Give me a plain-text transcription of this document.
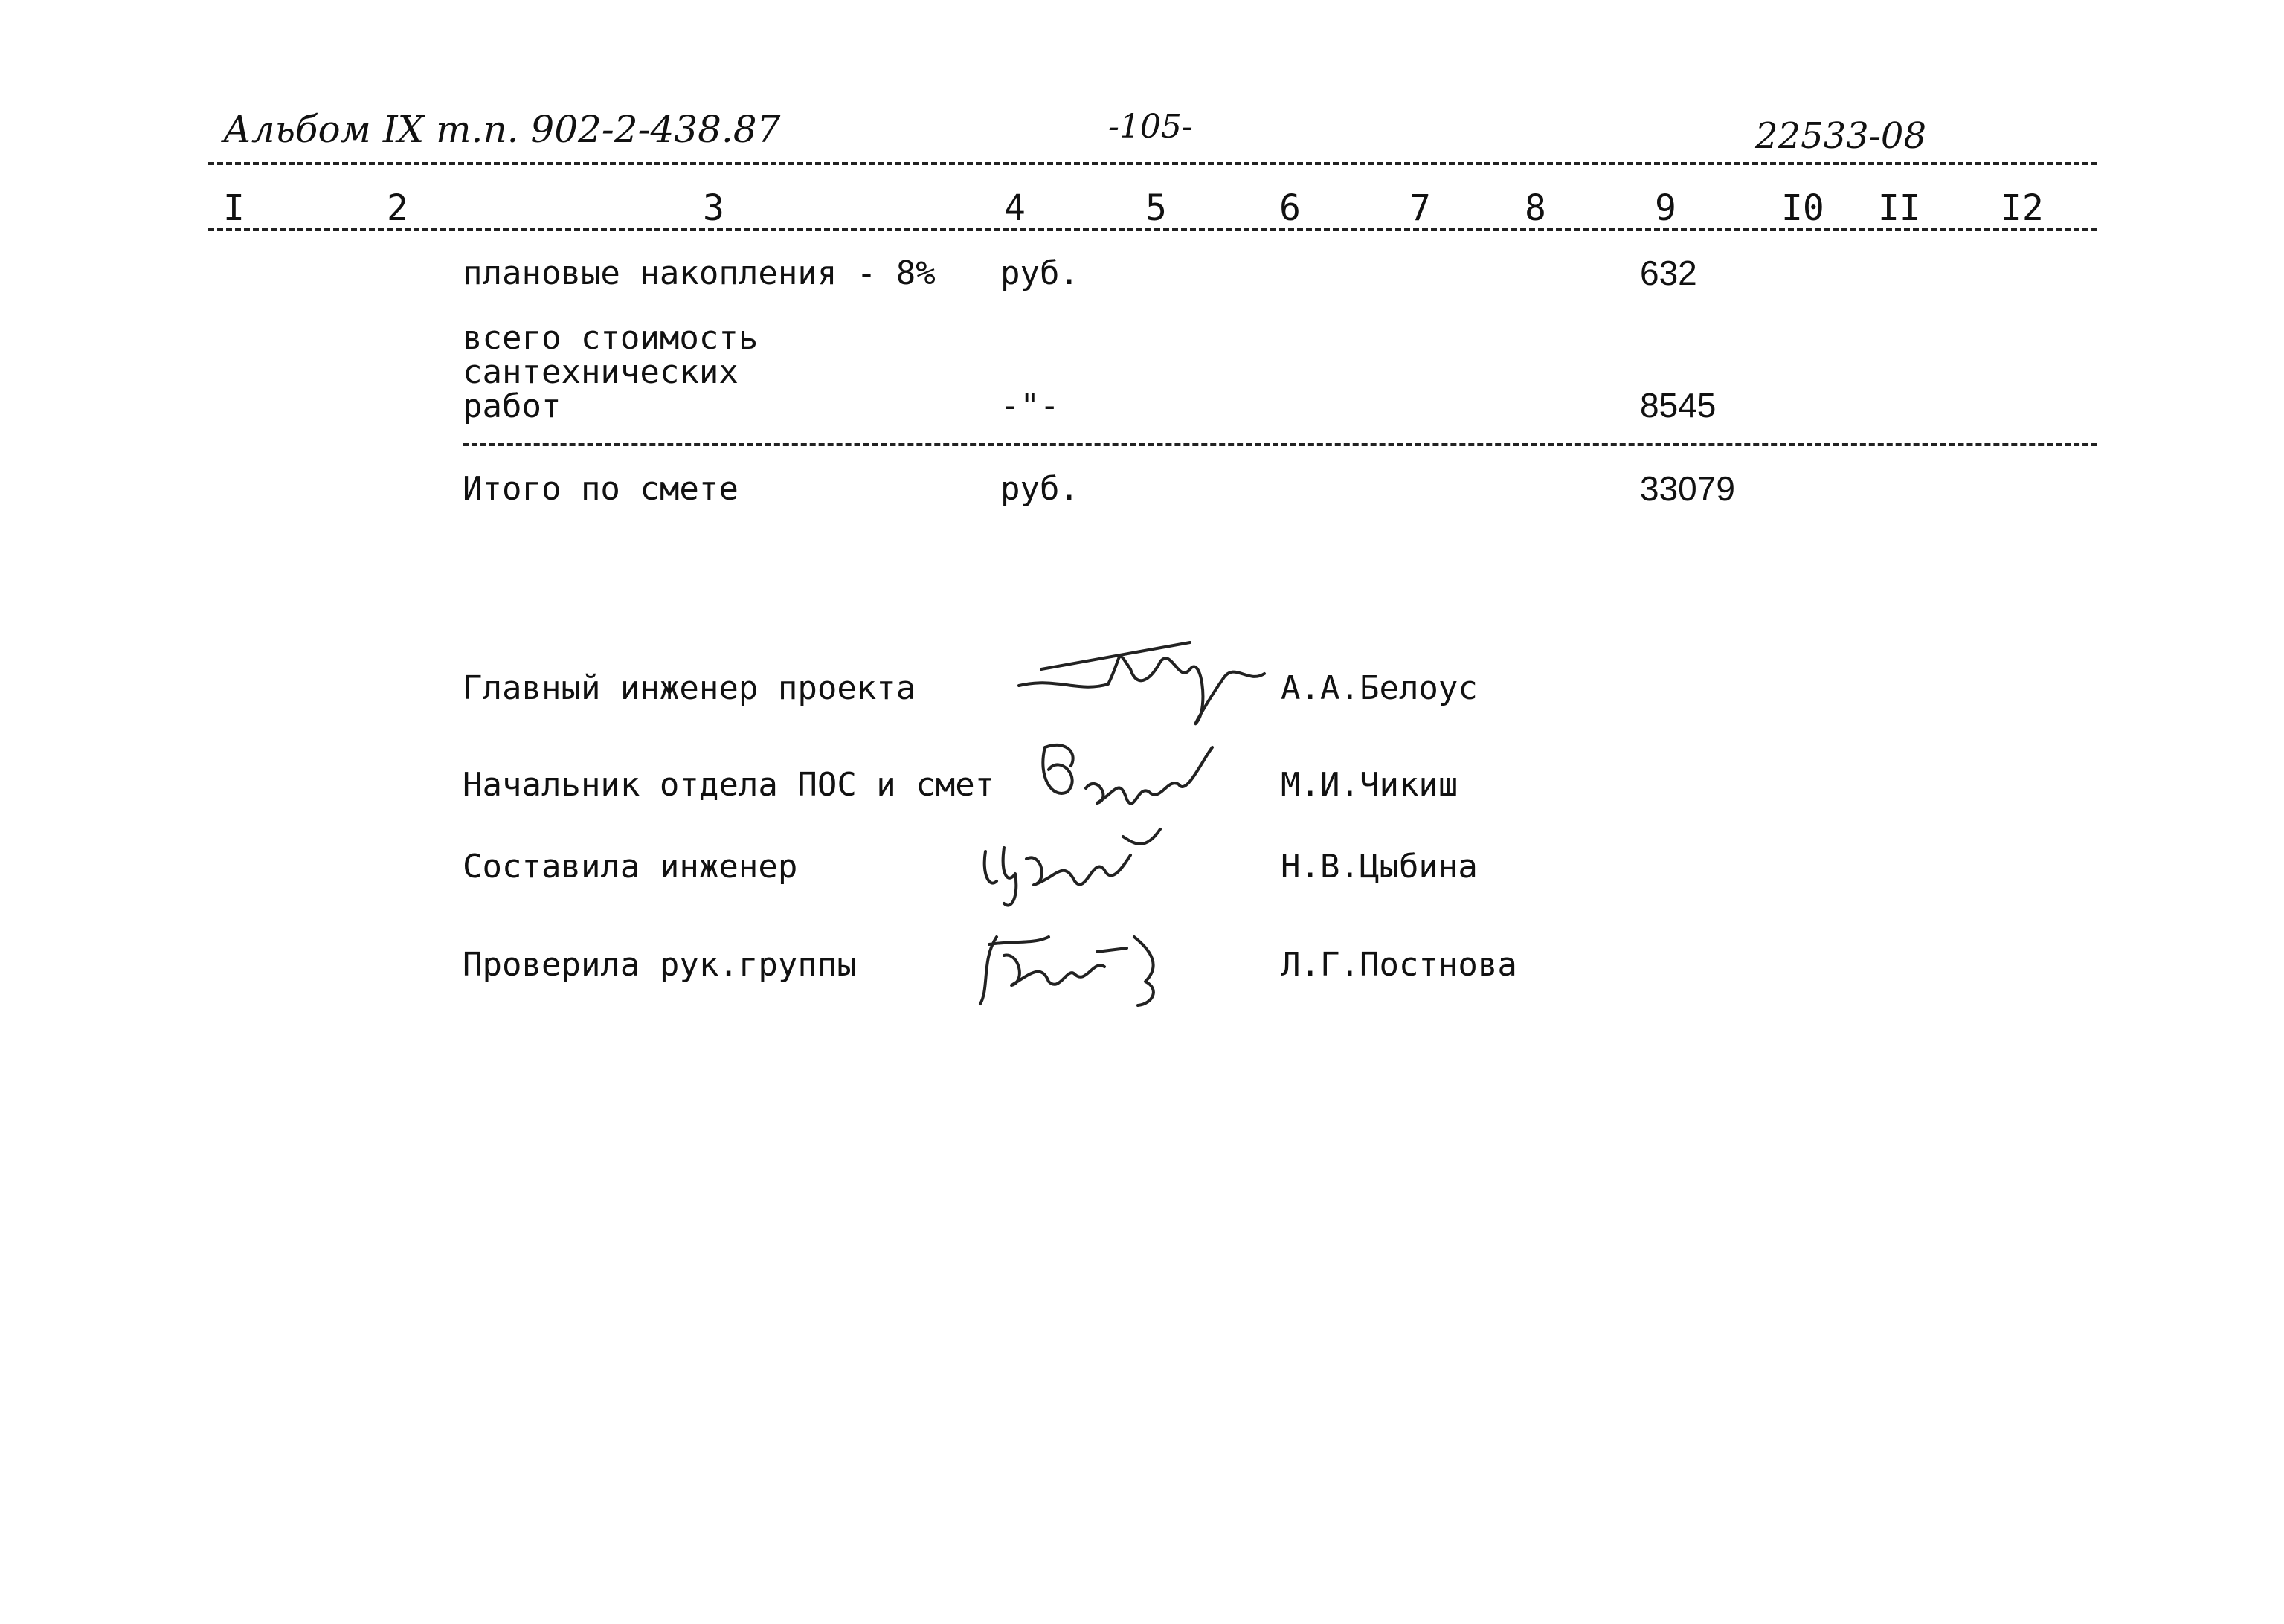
Альбом IX т.п. 902-2-438.87	-105-	22533-08
I	2	3	4	5	6	7	8	9	I0 II I2
плановые накопления - 8% руб.	632
всего стоимость
сантехнических
работ	-"-	8545
Итого по смете	руб.	33079
Главный инженер проекта	А.А.Белоус
Начальник отдела ПОС и смет	М.И.Чикиш
Составила инженер	Н.В.Цыбина
Проверила рук.группы	Л.Г.Постнова
